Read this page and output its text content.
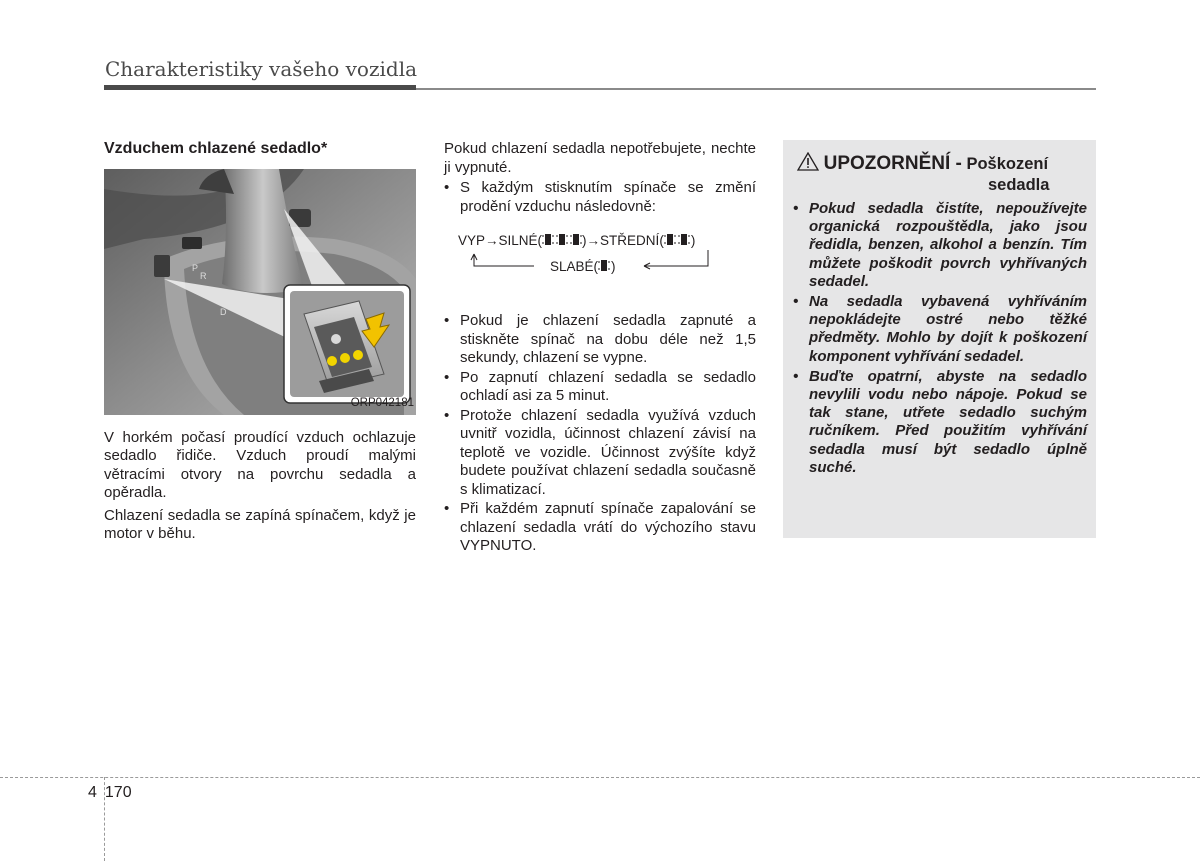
Charakteristiky vašeho vozidla
Vzduchem chlazené sedadlo*
P
R
D
ORP042181

V horkém počasí proudící vzduch ochlazuje sedadlo řidiče. Vzduch proudí malými větracími otvory na povrchu sedadla a opěradla.

Chlazení sedadla se zapíná spínačem, když je motor v běhu.

Pokud chlazení sedadla nepotřebujete, nechte ji vypnuté.

• S každým stisknutím spínače se změní prodění vzduchu následovně:
VYP→SILNÉ(	)→STŘEDNÍ( )
SLABÉ( )
• Pokud je chlazení sedadla zapnuté a stiskněte spínač na dobu déle než 1,5 sekundy, chlazení se vypne.
• Po zapnutí chlazení sedadla se sedadlo ochladí asi za 5 minut.
• Protože chlazení sedadla využívá vzduch uvnitř vozidla, účinnost chlazení závisí na teplotě ve vozidle. Účinnost zvýšíte když budete používat chlazení sedadla současně s klimatizací.
• Při každém zapnutí spínače zapalování se chlazení sedadla vrátí do výchozího stavu VYPNUTO.
UPOZORNĚNÍ - Poškození
sedadla
• Pokud sedadla čistíte, nepoužívejte organická rozpouštědla, jako jsou ředidla, benzen, alkohol a benzín. Tím můžete poškodit povrch vyhřívaných sedadel.
• Na sedadla vybavená vyhříváním nepokládejte ostré nebo těžké předměty. Mohlo by dojít k poškození komponent vyhřívání sedadel.
• Buďte opatrní, abyste na sedadlo nevylili vodu nebo nápoje. Pokud se tak stane, utřete sedadlo suchým ručníkem. Před použitím vyhřívání sedadla musí být sedadlo úplně suché.
4 170
